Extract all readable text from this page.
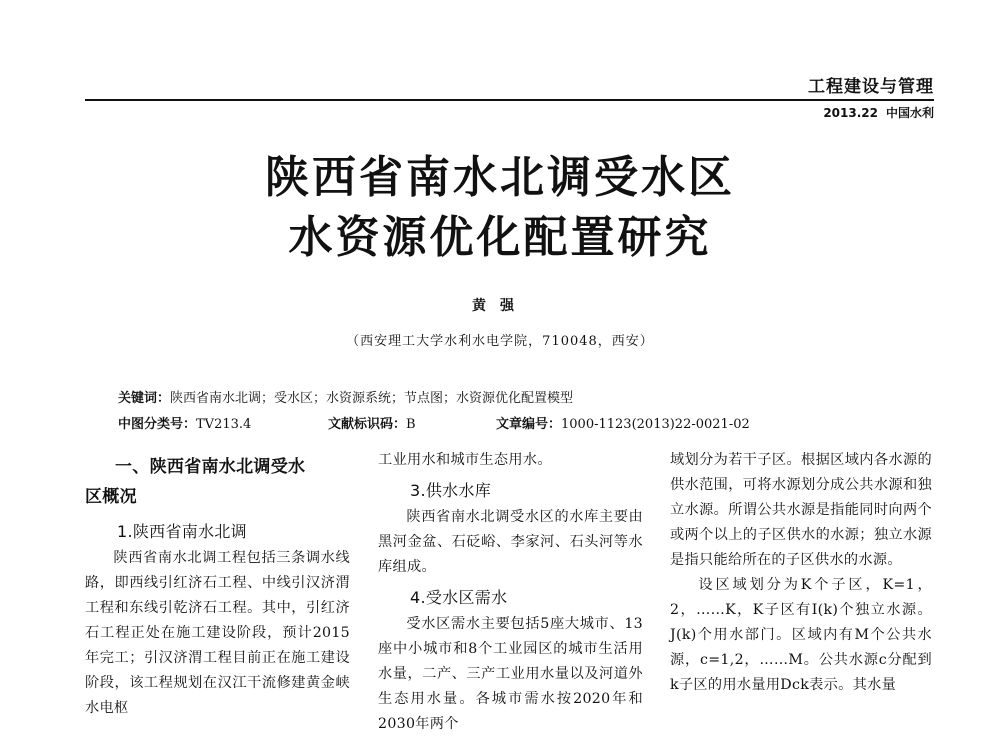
工程建设与管理
2013.22 中国水利
陕西省南水北调受水区
水资源优化配置研究
黄强
（西安理工大学水利水电学院，710048，西安）
关键词：陕西省南水北调；受水区；水资源系统；节点图；水资源优化配置模型
中图分类号：TV213.4	文献标识码：B	文章编号：1000-1123(2013)22-0021-02
一、陕西省南水北调受水
区概况
1.陕西省南水北调

陕西省南水北调工程包括三条调水线路，即西线引红济石工程、中线引汉济渭工程和东线引乾济石工程。其中，引红济石工程正处在施工建设阶段，预计2015年完工；引汉济渭工程目前正在施工建设阶段，该工程规划在汉江干流修建黄金峡水电枢

工业用水和城市生态用水。

3.供水水库

陕西省南水北调受水区的水库主要由黑河金盆、石砭峪、李家河、石头河等水库组成。

4.受水区需水

受水区需水主要包括5座大城市、13座中小城市和8个工业园区的城市生活用水量，二产、三产工业用水量以及河道外生态用水量。各城市需水按2020年和2030年两个

域划分为若干子区。根据区域内各水源的供水范围，可将水源划分成公共水源和独立水源。所谓公共水源是指能同时向两个或两个以上的子区供水的水源；独立水源是指只能给所在的子区供水的水源。

设区域划分为K个子区，K=1，2，……K，K子区有I(k)个独立水源。J(k)个用水部门。区域内有M个公共水源，c=1,2，……M。公共水源c分配到k子区的用水量用Dck表示。其水量
